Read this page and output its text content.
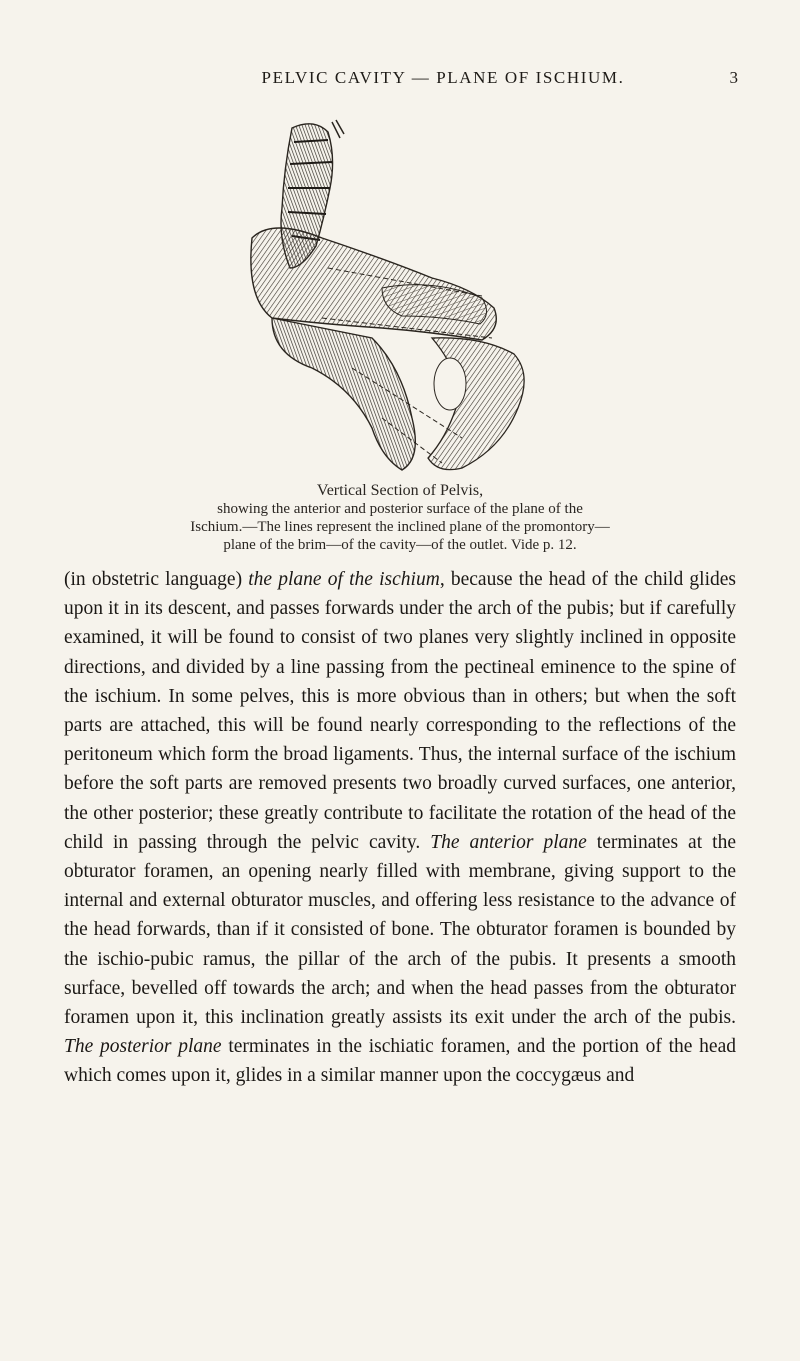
PELVIC CAVITY — PLANE OF ISCHIUM.	3
Vertical Section of Pelvis,
showing the anterior and posterior surface of the plane of the
Ischium.—The lines represent the inclined plane of the promontory—
plane of the brim—of the cavity—of the outlet. Vide p. 12.

(in obstetric language) the plane of the ischium, because the head of the child glides upon it in its descent, and passes forwards under the arch of the pubis; but if carefully examined, it will be found to consist of two planes very slightly inclined in opposite directions, and divided by a line passing from the pectineal eminence to the spine of the ischium. In some pelves, this is more obvious than in others; but when the soft parts are attached, this will be found nearly corresponding to the reflections of the peritoneum which form the broad ligaments. Thus, the internal surface of the ischium before the soft parts are removed presents two broadly curved surfaces, one anterior, the other posterior; these greatly contribute to facilitate the rotation of the head of the child in passing through the pelvic cavity. The anterior plane terminates at the obturator foramen, an opening nearly filled with membrane, giving support to the internal and external obturator muscles, and offering less resistance to the advance of the head forwards, than if it consisted of bone. The obturator foramen is bounded by the ischio-pubic ramus, the pillar of the arch of the pubis. It presents a smooth surface, bevelled off towards the arch; and when the head passes from the obturator foramen upon it, this inclination greatly assists its exit under the arch of the pubis. The posterior plane terminates in the ischiatic foramen, and the portion of the head which comes upon it, glides in a similar manner upon the coccygæus and
